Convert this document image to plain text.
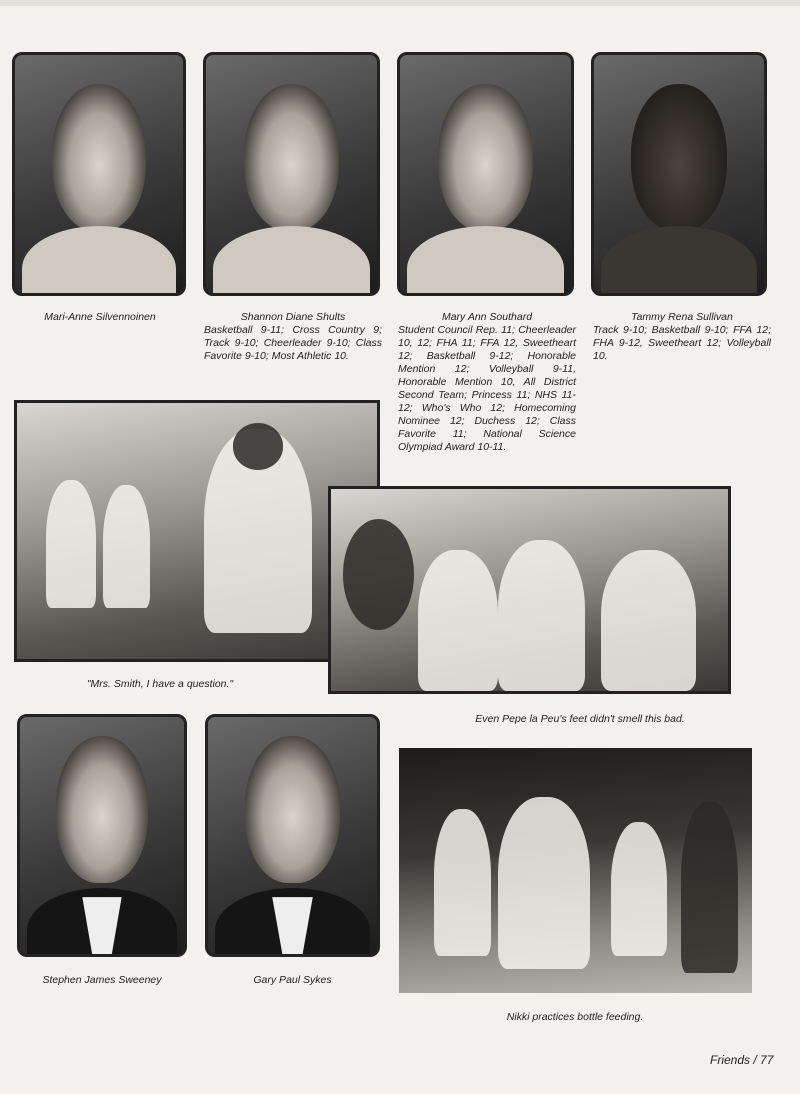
Mari-Anne Silvennoinen	Shannon Diane Shults
Basketball 9-11; Cross Country 9; Track 9-10; Cheerleader 9-10; Class Favorite 9-10; Most Athletic 10.
Mary Ann Southard
Student Council Rep. 11; Cheerleader 10, 12; FHA 11; FFA 12, Sweetheart 12; Basketball 9-12; Honorable Mention 12; Volleyball 9-11, Honorable Mention 10, All District Second Team; Princess 11; NHS 11-12; Who's Who 12; Homecoming Nominee 12; Duchess 12; Class Favorite 11; National Science Olympiad Award 10-11.
Tammy Rena Sullivan
Track 9-10; Basketball 9-10; FFA 12; FHA 9-12, Sweetheart 12; Volleyball 10.
"Mrs. Smith, I have a question."
Even Pepe la Peu's feet didn't smell this bad.
Stephen James Sweeney	Gary Paul Sykes
Nikki practices bottle feeding.
Friends / 77
